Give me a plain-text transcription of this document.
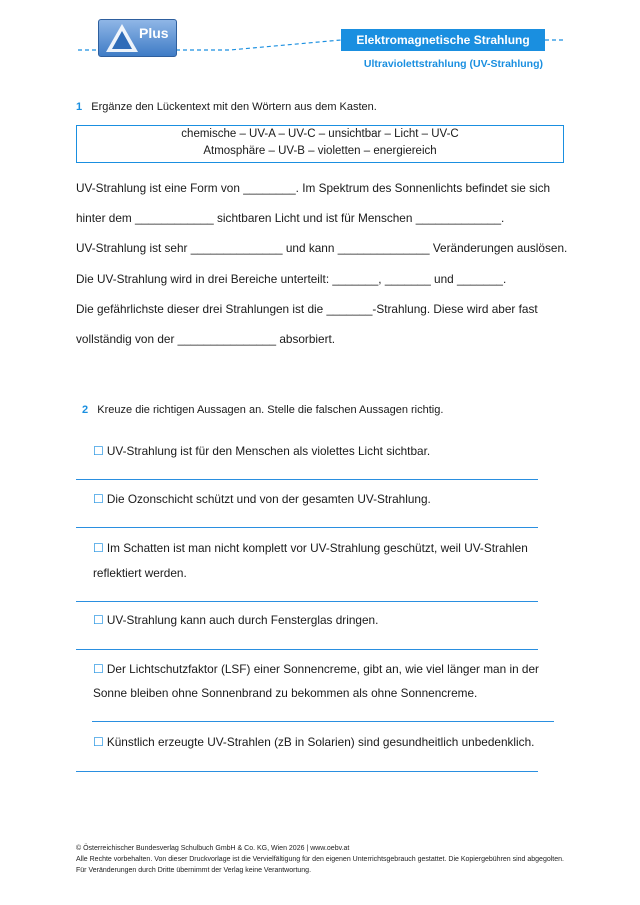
Plus	Elektromagnetische Strahlung
Ultraviolettstrahlung (UV-Strahlung)
1 Ergänze den Lückentext mit den Wörtern aus dem Kasten.
chemische – UV-A – UV-C – unsichtbar – Licht – UV-C
Atmosphäre – UV-B – violetten – energiereich
UV-Strahlung ist eine Form von ________. Im Spektrum des Sonnenlichts befindet sie sich
hinter dem ____________ sichtbaren Licht und ist für Menschen _____________.
UV-Strahlung ist sehr ______________ und kann ______________ Veränderungen auslösen.
Die UV-Strahlung wird in drei Bereiche unterteilt: _______, _______ und _______.
Die gefährlichste dieser drei Strahlungen ist die _______-Strahlung. Diese wird aber fast
vollständig von der _______________ absorbiert.
2 Kreuze die richtigen Aussagen an. Stelle die falschen Aussagen richtig.
☐ UV-Strahlung ist für den Menschen als violettes Licht sichtbar.
☐ Die Ozonschicht schützt und von der gesamten UV-Strahlung.
☐ Im Schatten ist man nicht komplett vor UV-Strahlung geschützt, weil UV-Strahlen
reflektiert werden.
☐ UV-Strahlung kann auch durch Fensterglas dringen.
☐ Der Lichtschutzfaktor (LSF) einer Sonnencreme, gibt an, wie viel länger man in der
Sonne bleiben ohne Sonnenbrand zu bekommen als ohne Sonnencreme.
☐ Künstlich erzeugte UV-Strahlen (zB in Solarien) sind gesundheitlich unbedenklich.
© Österreichischer Bundesverlag Schulbuch GmbH & Co. KG, Wien 2026 | www.oebv.at
Alle Rechte vorbehalten. Von dieser Druckvorlage ist die Vervielfältigung für den eigenen Unterrichtsgebrauch gestattet. Die Kopiergebühren sind abgegolten.
Für Veränderungen durch Dritte übernimmt der Verlag keine Verantwortung.
